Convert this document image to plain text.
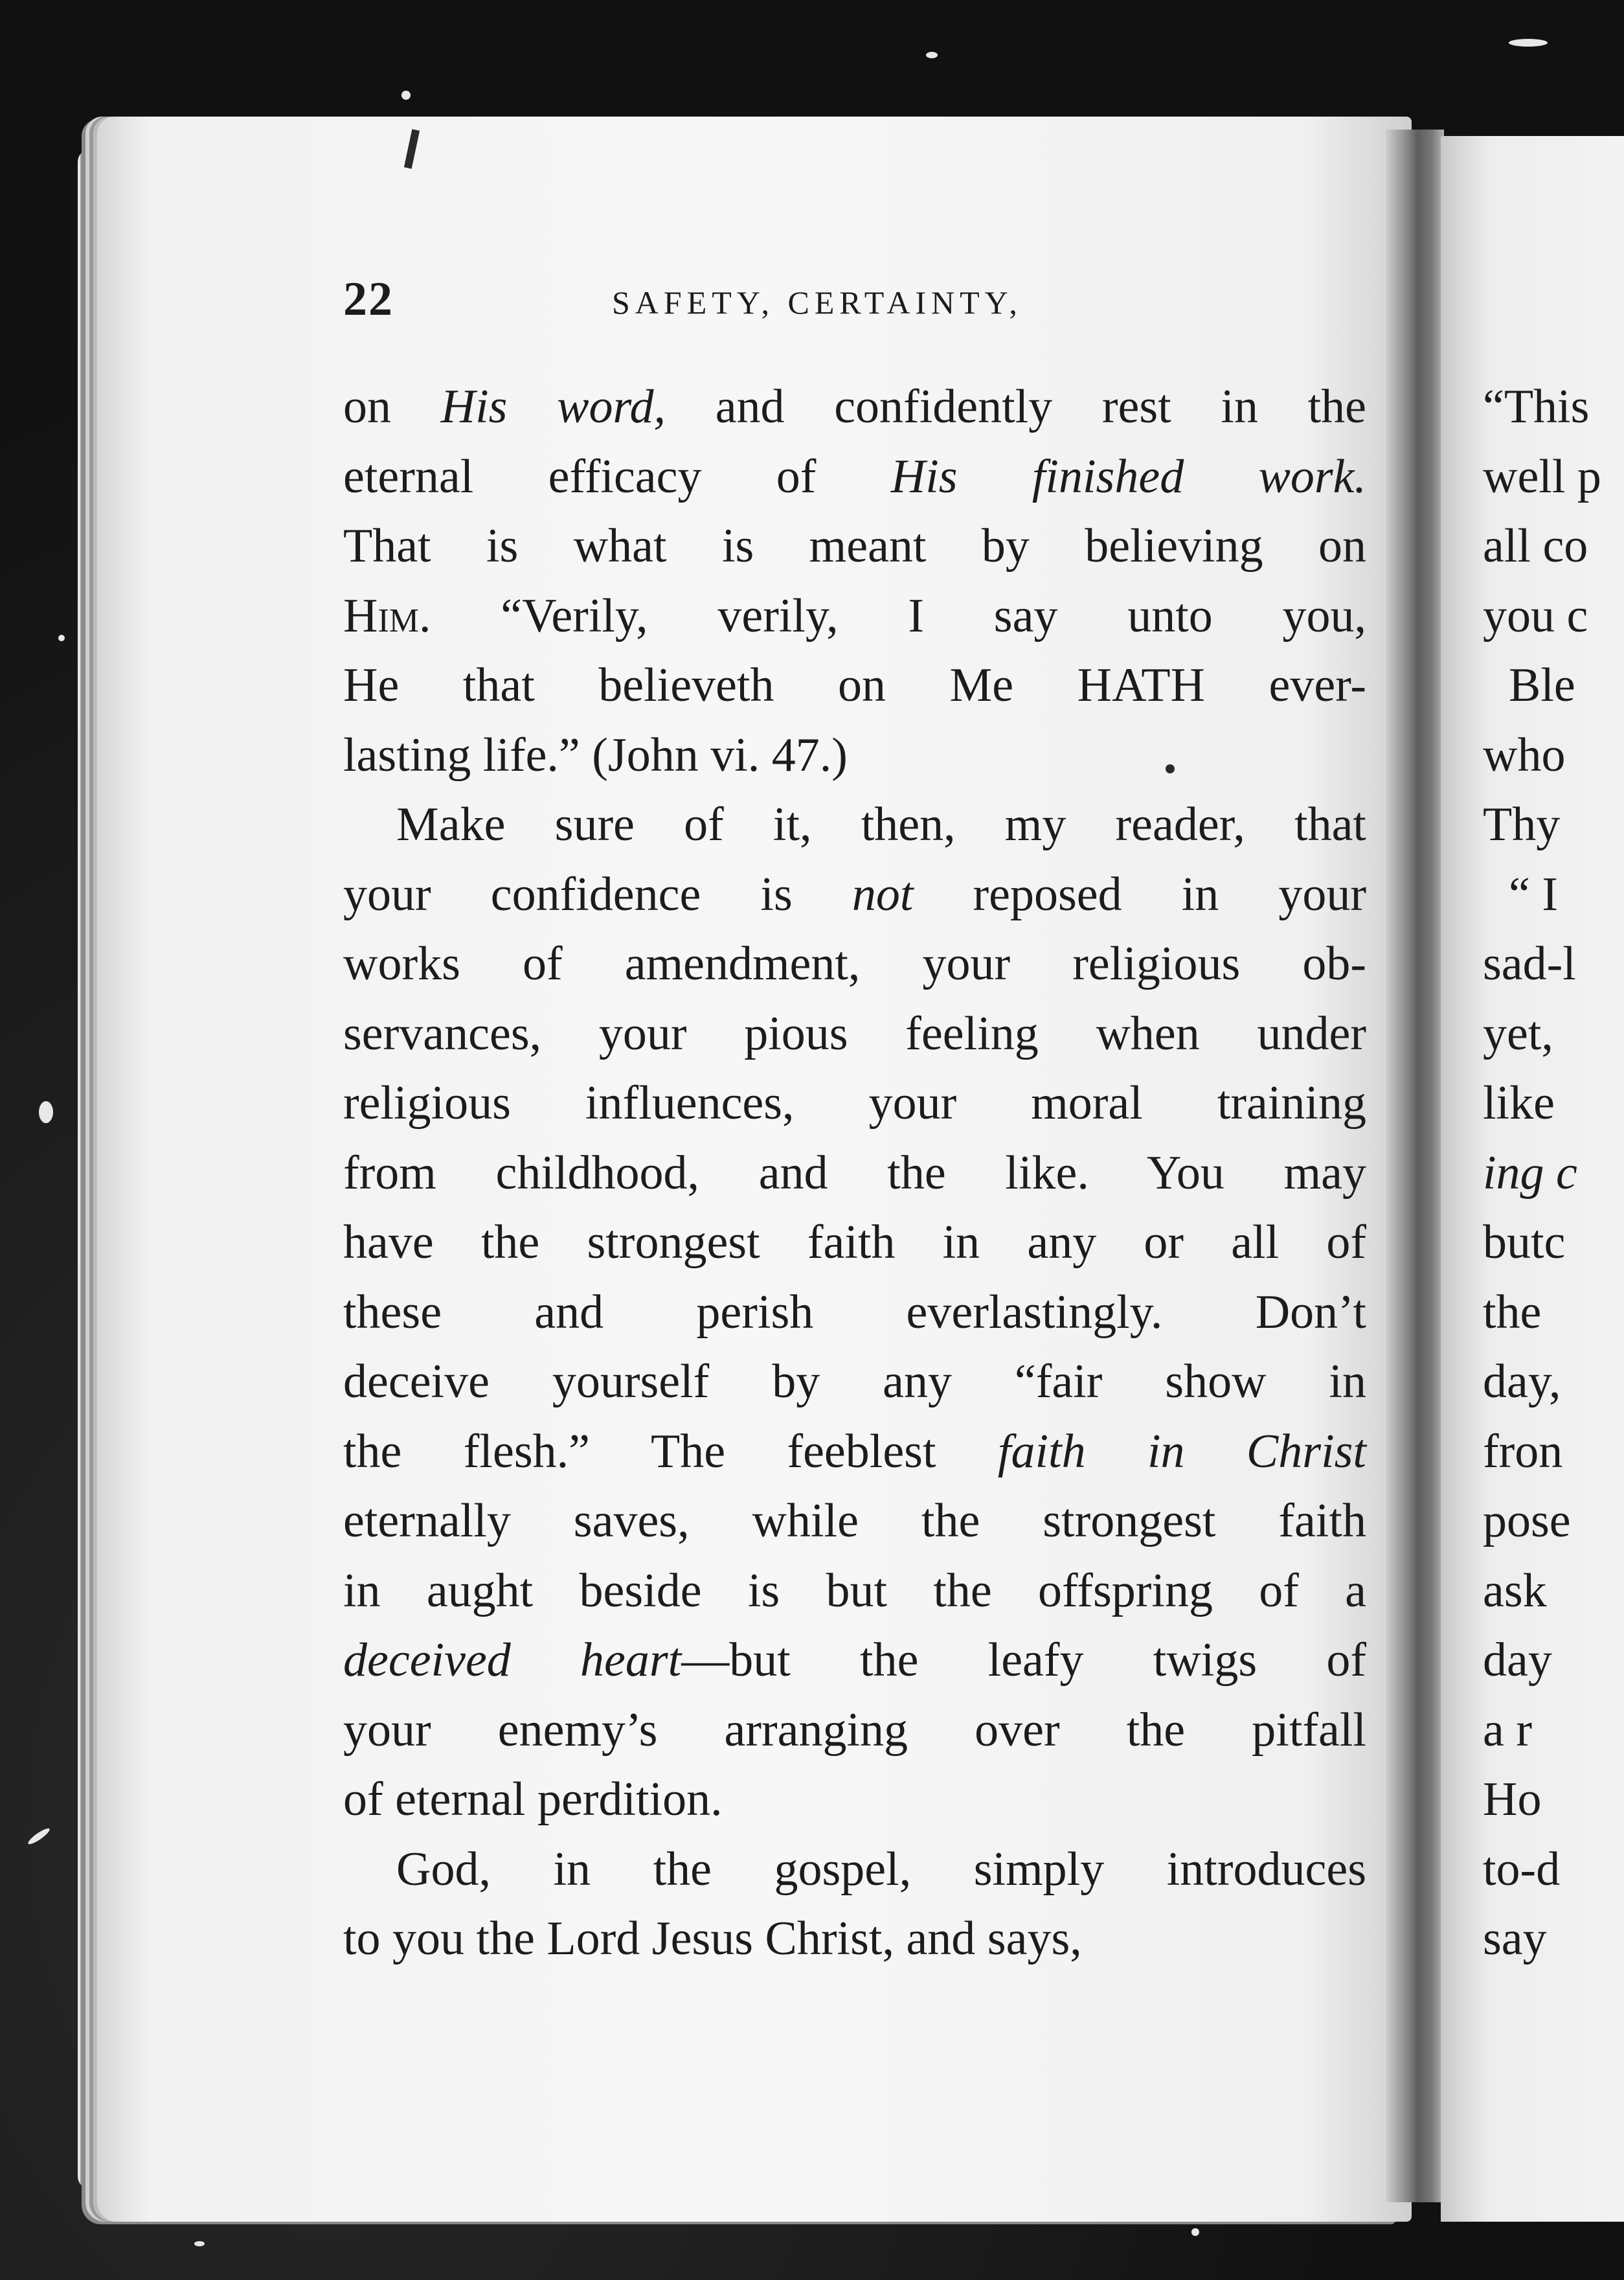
22	SAFETY, CERTAINTY,
on His word, and confidently rest in the
eternal efficacy of His finished work.
That is what is meant by believing on
Him. “Verily, verily, I say unto you,
He that believeth on Me HATH ever-
lasting life.” (John vi. 47.)
Make sure of it, then, my reader, that
your confidence is not reposed in your
works of amendment, your religious ob-
servances, your pious feeling when under
religious influences, your moral training
from childhood, and the like. You may
have the strongest faith in any or all of
these and perish everlastingly. Don’t
deceive yourself by any “fair show in
the flesh.” The feeblest faith in Christ
eternally saves, while the strongest faith
in aught beside is but the offspring of a
deceived heart—but the leafy twigs of
your enemy’s arranging over the pitfall
of eternal perdition.
God, in the gospel, simply introduces
to you the Lord Jesus Christ, and says,
“This
well p
all co
you c
Ble
who
Thy
“ I
sad-l
yet,
like
ing c
butc
the
day,
fron
pose
ask
day
a r
Ho
to-d
say
